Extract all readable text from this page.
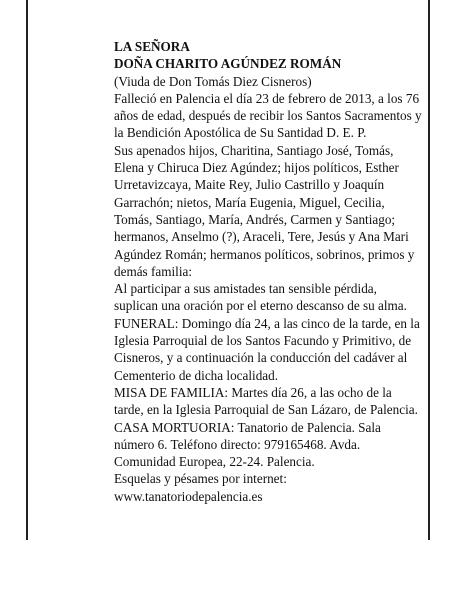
LA SEÑORA

DOÑA CHARITO AGÚNDEZ ROMÁN

(Viuda de Don Tomás Diez Cisneros)

Falleció en Palencia el día 23 de febrero de 2013, a los 76 años de edad, después de recibir los Santos Sacramentos y la Bendición Apostólica de Su Santidad D. E. P.

Sus apenados hijos, Charitina, Santiago José, Tomás, Elena y Chiruca Diez Agúndez; hijos políticos, Esther Urretavizcaya, Maite Rey, Julio Castrillo y Joaquín Garrachón; nietos, María Eugenia, Miguel, Cecilia, Tomás, Santiago, María, Andrés, Carmen y Santiago; hermanos, Anselmo (?), Araceli, Tere, Jesús y Ana Mari Agúndez Román; hermanos políticos, sobrinos, primos y demás familia:

Al participar a sus amistades tan sensible pérdida, suplican una oración por el eterno descanso de su alma.

FUNERAL: Domingo día 24, a las cinco de la tarde, en la Iglesia Parroquial de los Santos Facundo y Primitivo, de Cisneros, y a continuación la conducción del cadáver al Cementerio de dicha localidad.

MISA DE FAMILIA: Martes día 26, a las ocho de la tarde, en la Iglesia Parroquial de San Lázaro, de Palencia.

CASA MORTUORIA: Tanatorio de Palencia. Sala número 6. Teléfono directo: 979165468. Avda. Comunidad Europea, 22-24. Palencia.

Esquelas y pésames por internet:

www.tanatoriodepalencia.es
